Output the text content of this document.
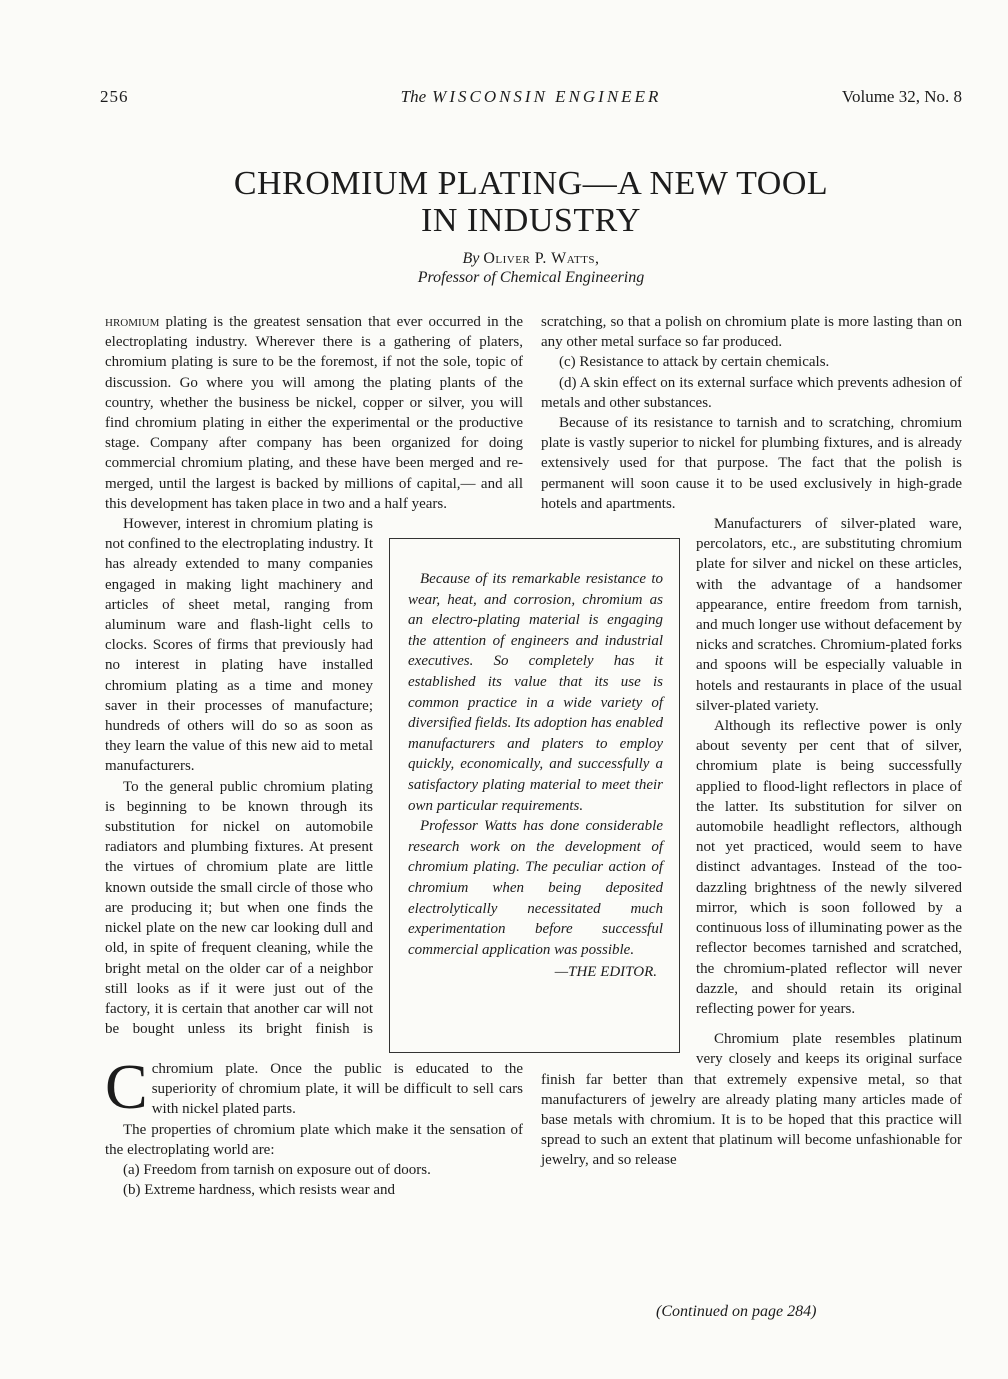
256	The WISCONSIN ENGINEER	Volume 32, No. 8
CHROMIUM PLATING—A NEW TOOL
IN INDUSTRY
By Oliver P. Watts,
Professor of Chemical Engineering

C
hromium plating is the greatest sensation that ever occurred in the electroplating industry. Wherever there is a gathering of platers, chromium plating is sure to be the foremost, if not the sole, topic of discussion. Go where you will among the plating plants of the country, whether the business be nickel, copper or silver, you will find chromium plating in either the experimental or the productive stage. Company after company has been organized for doing commercial chromium plating, and these have been merged and re-merged, until the largest is backed by millions of capital,— and all this development has taken place in two and a half years.

However, interest in chromium plating is not confined to the electroplating industry. It has already extended to many companies engaged in making light machinery and articles of sheet metal, ranging from aluminum ware and flash-light cells to clocks. Scores of firms that previously had no interest in plating have installed chromium plating as a time and money saver in their processes of manufacture; hundreds of others will do so as soon as they learn the value of this new aid to metal manufacturers.

To the general public chromium plating is beginning to be known through its substitution for nickel on automobile radiators and plumbing fixtures. At present the virtues of chromium plate are little known outside the small circle of those who are producing it; but when one finds the nickel plate on the new car looking dull and old, in spite of frequent cleaning, while the bright metal on the older car of a neighbor still looks as if it were just out of the factory, it is certain that another car will not be bought unless its bright finish is chromium plate. Once the public is educated to the superiority of chromium plate, it will be difficult to sell cars with nickel plated parts.

The properties of chromium plate which make it the sensation of the electroplating world are:

(a) Freedom from tarnish on exposure out of doors.

(b) Extreme hardness, which resists wear and

scratching, so that a polish on chromium plate is more lasting than on any other metal surface so far produced.

(c) Resistance to attack by certain chemicals.

(d) A skin effect on its external surface which prevents adhesion of metals and other substances.

Because of its resistance to tarnish and to scratching, chromium plate is vastly superior to nickel for plumbing fixtures, and is already extensively used for that purpose. The fact that the polish is permanent will soon cause it to be used exclusively in high-grade hotels and apartments.

Manufacturers of silver-plated ware, percolators, etc., are substituting chromium plate for silver and nickel on these articles, with the advantage of a handsomer appearance, entire freedom from tarnish, and much longer use without defacement by nicks and scratches. Chromium-plated forks and spoons will be especially valuable in hotels and restaurants in place of the usual silver-plated variety.

Although its reflective power is only about seventy per cent that of silver, chromium plate is being successfully applied to flood-light reflectors in place of the latter. Its substitution for silver on automobile headlight reflectors, although not yet practiced, would seem to have distinct advantages. Instead of the too-dazzling brightness of the newly silvered mirror, which is soon followed by a continuous loss of illuminating power as the reflector becomes tarnished and scratched, the chromium-plated reflector will never dazzle, and should retain its original reflecting power for years.

Chromium plate resembles platinum very closely and keeps its original surface finish far better than that extremely expensive metal, so that manufacturers of jewelry are already plating many articles made of base metals with chromium. It is to be hoped that this practice will spread to such an extent that platinum will become unfashionable for jewelry, and so release

Because of its remarkable resistance to wear, heat, and corrosion, chromium as an electro-plating material is engaging the attention of engineers and industrial executives. So completely has it established its value that its use is common practice in a wide variety of diversified fields. Its adoption has enabled manufacturers and platers to employ quickly, economically, and successfully a satisfactory plating material to meet their own particular requirements.

Professor Watts has done considerable research work on the development of chromium plating. The peculiar action of chromium when being deposited electrolytically necessitated much experimentation before successful commercial application was possible.

—THE EDITOR.

(Continued on page 284)
